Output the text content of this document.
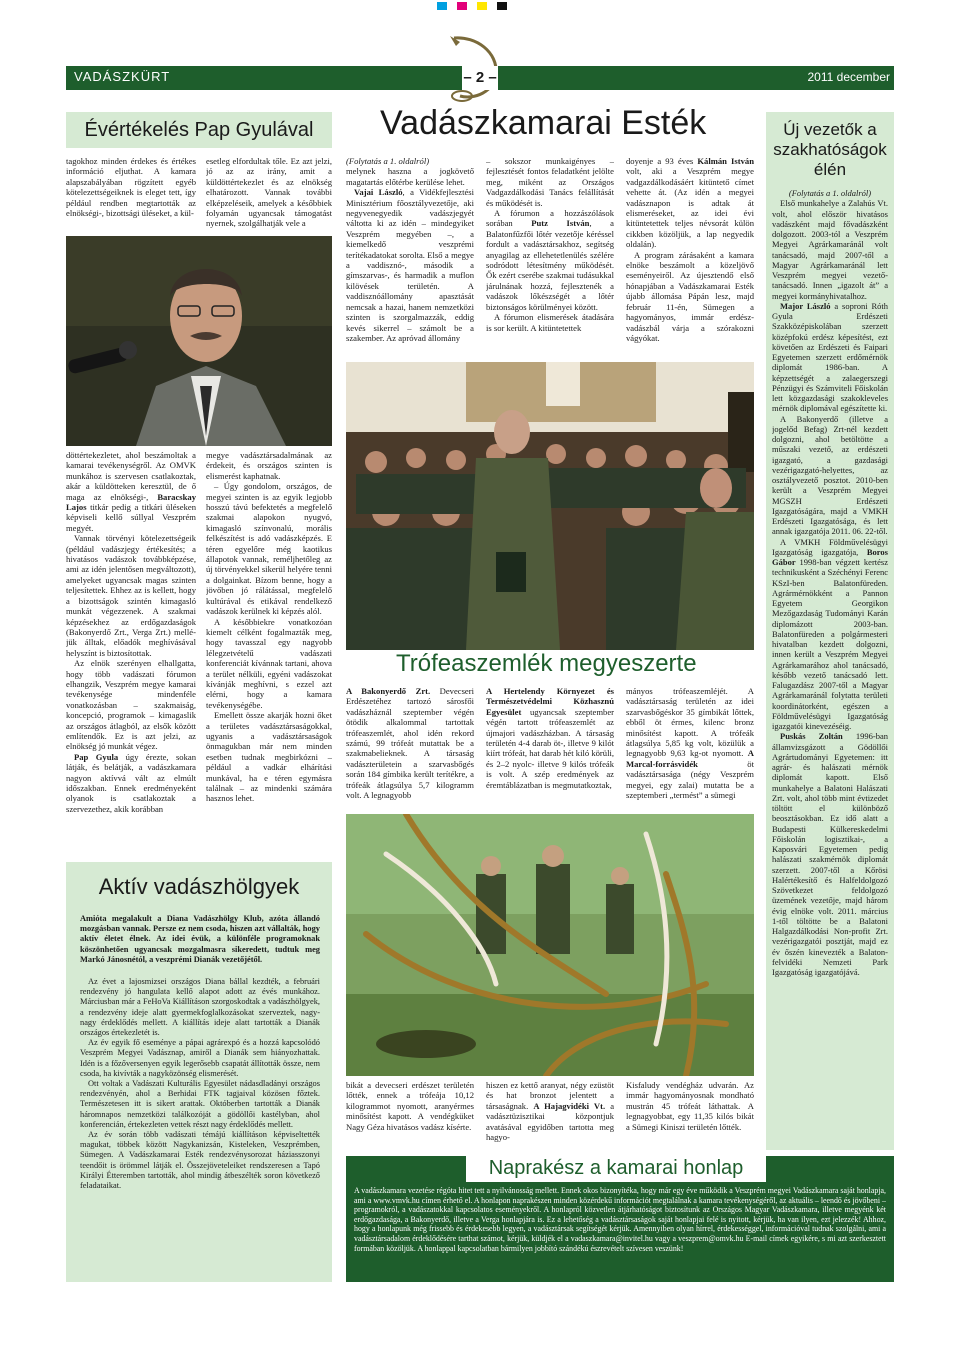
VADÁSZKÜRT	– 2 –	2011 december
Évértékelés Pap Gyulával

tagokhoz minden érdekes és értékes információ eljuthat. A kamara alapszabályában rögzített egyéb kötelezettségeiknek is eleget tett, így például rendben megtartották az elnökségi-, bizottsági üléseket, a kül-

esetleg elfordultak tőle. Ez azt jelzi, jó az az irány, amit a küldöttértekezlet és az elnökség elhatározott. Vannak további elképzeléseik, amelyek a későbbiek folyamán ugyancsak támogatást nyernek, szolgálhatják vele a

döttértekezletet, ahol beszámoltak a kamarai tevékenységről. Az OMVK munkához is szervesen csatlakoztak, akár a küldötteken keresztül, de ő maga az elnökségi-, Baracskay Lajos titkár pedig a titkári üléseken képviseli kellő súllyal Veszprém megyét.

Vannak törvényi kötelezettségeik (például vadászjegy értékesítés; a hivatásos vadászok továbbképzése, ami az idén jelentősen megváltozott), amelyeket ugyancsak magas szinten teljesítettek. Ehhez az is kellett, hogy a bizottságok szintén kimagasló munkát végezzenek. A szakmai képzésekhez az erdőgazdaságok (Bakonyerdő Zrt., Verga Zrt.) melléjük álltak, előadók meghívásával helyszínt is biztosítottak.

Az elnök szerényen elhallgatta, hogy több vadászati fórumon elhangzik, Veszprém megye kamarai tevékenysége mindenféle vonatkozásban – szakmaiság, koncepció, programok – kimagaslik az országos átlagból, az elsők között említendők. Ez is azt jelzi, az elnökség jó munkát végez.

Pap Gyula úgy érezte, sokan látják, és belátják, a vadászkamara nagyon aktívvá vált az elmúlt időszakban. Ennek eredményeként olyanok is csatlakoztak a szervezethez, akik korábban

megye vadásztársadalmának az érdekeit, és országos szinten is elismerést kaphatnak.

– Úgy gondolom, országos, de megyei szinten is az egyik legjobb hosszú távú befektetés a megfelelő szakmai alapokon nyugvó, kimagasló színvonalú, morális felkészítést is adó vadászképzés. E téren egyelőre még kaotikus állapotok vannak, reméljhetőleg az új törvényekkel sikerül helyére tenni a dolgainkat. Bízom benne, hogy a jövőben jó rálátással, megfelelő kultúrával és etikával rendelkező vadászok kerülnek ki képzés alól.

A későbbiekre vonatkozóan kiemelt célként fogalmazták meg, hogy tavasszal egy nagyobb lélegzetvételű vadászati konferenciát kívánnak tartani, ahova a terület nélküli, egyéni vadászokat kívánják meghívni, s ezzel azt elérni, hogy a kamara tevékenységébe.

Emellett össze akarják hozni őket a területes vadásztársaságokkal, ugyanis a vadásztársaságok önmagukban már nem minden esetben tudnak megbirkózni – például a vadkár elhárítási munkával, ha e téren egymásra találnak – az mindenki számára hasznos lehet.

Aktív vadászhölgyek

Amióta megalakult a Diana Vadászhölgy Klub, azóta állandó mozgásban vannak. Persze ez nem csoda, hiszen azt vállalták, hogy aktív életet élnek. Az idei évük, a különféle programoknak köszönhetően ugyancsak mozgalmasra sikeredett, tudtuk meg Markó Jánosnétól, a veszprémi Dianák vezetőjétől.

Az évet a lajosmizsei országos Diana bállal kezdték, a februári rendezvény jó hangulata kellő alapot adott az évés munkához. Márciusban már a FeHoVa Kiállításon szorgoskodtak a vadászhölgyek, a rendezvény ideje alatt gyermekfoglalkozásokat szerveztek, nagy-nagy érdeklődés mellett. A kiállítás ideje alatt tartották a Dianák országos értekezletét is.

Az év egyik fő eseménye a pápai agrárexpó és a hozzá kapcsolódó Veszprém Megyei Vadásznap, amiről a Dianák sem hiányozhattak. Idén is a főzőversenyen egyik legerősebb csapatát állították össze, nem csoda, ha kivívták a nagyközönség elismerését.

Ott voltak a Vadászati Kulturális Egyesület nádasdladányi országos rendezvényén, ahol a Berhidai FTK tagjaival közösen főztek. Természetesen itt is sikert arattak. Októberben tartották a Dianák háromnapos nemzetközi találkozóját a gödöllői kastélyban, ahol konferencián, értekezleten vettek részt nagy érdeklődés mellett.

Az év során több vadászati témájú kiállításon képviseltették magukat, többek között Nagykanizsán, Kisteleken, Veszprémben, Sümegen. A Vadászkamarai Esték rendezvénysorozat háziasszonyi teendőit is örömmel látják el. Összejöveteleiket rendszeresen a Tapó Királyi Étteremben tartották, ahol mindig átbeszélték soron következő feladataikat.

Vadászkamarai Esték

(Folytatás a 1. oldalról)

melynek haszna a jogkövető magatartás előtérbe kerülése lehet.

Vajai László, a Vidékfejlesztési Minisztérium főosztályvezetője, aki negyvenegyedik vadászjegyét váltotta ki az idén – mindegyiket Veszprém megyében –, a kiemelkedő veszprémi terítékadatokat sorolta. Első a megye a vaddisznó-, második a gímszarvas-, és harmadik a muflon kilövések területén. A vaddisznóállomány apasztását nemcsak a hazai, hanem nemzetközi szinten is szorgalmazzák, eddig kevés sikerrel – számolt be a szakember. Az apróvad állomány

– sokszor munkaigényes – fejlesztését fontos feladatként jelölte meg, miként az Országos Vadgazdálkodási Tanács felállítását és működését is.

A fórumon a hozzászólások sorában Putz István, a Balatonfűzfői lőtér vezetője kéréssel fordult a vadásztársakhoz, segítség anyagilag az ellehetetlenülés szélére sodródott létesítmény működését. Ők ezért cserébe szakmai tudásukkal járulnának hozzá, fejlesztenék a vadászok lőkészségét a lőtér biztonságos körülményei között.

A fórumon elismerések átadására is sor került. A kitüntetettek

doyenje a 93 éves Kálmán István volt, aki a Veszprém megye vadgazdálkodásáért kitüntető címet vehette át. (Az idén a megyei vadásznapon is adtak át elismeréseket, az idei évi kitüntetettek teljes névsorát külön cikkben közöljük, a lap negyedik oldalán).

A program zárásaként a kamara elnöke beszámolt a közeljövő eseményeiről. Az újesztendő első hónapjában a Vadászkamarai Esték újabb állomása Pápán lesz, majd február 11-én, Sümegen a hagyományos, immár erdész-vadászbál várja a szórakozni vágyókat.

Trófeaszemlék megyeszerte

A Bakonyerdő Zrt. Devecseri Erdészetéhez tartozó sárosfői vadászháznál szeptember végén ötödik alkalommal tartottak trófeaszemlét, ahol idén rekord számú, 99 trófeát mutattak be a szakmabelieknek. A társaság vadászterületein a szarvasbőgés során 184 gímbika került terítékre, a trófeák átlagsúlya 5,7 kilogramm volt. A legnagyobb

A Hertelendy Környezet és Természetvédelmi Közhasznú Egyesület ugyancsak szeptember végén tartott trófeaszemlét az újmajori vadászházban. A társaság területén 4-4 darab öt-, illetve 9 kilót kiírt trófeát, hat darab hét kiló körüli, és 2–2 nyolc- illetve 9 kilós trófeák is volt. A szép eredmények az éremtáblázatban is megmutatkoztak,

mányos trófeaszemléjét. A vadásztársaság területén az idei szarvasbőgéskor 35 gímbikát lőttek, ebből öt érmes, kilenc bronz minősítést kapott. A trófeák átlagsúlya 5,85 kg volt, közülük a legnagyobb 9,63 kg-ot nyomott. A Marcal-forrásvidék öt vadásztársasága (négy Veszprém megyei, egy zalai) mutatta be a szeptemberi „termést” a sümegi

bikát a devecseri erdészet területén lőtték, ennek a trófeája 10,12 kilogrammot nyomott, aranyérmes minősítést kapott. A vendégküket Nagy Géza hivatásos vadász kísérte.

hiszen ez kettő aranyat, négy ezüstöt és hat bronzot jelentett a társaságnak. A Hajagvidéki Vt. a vadásztüzisztikai központjuk avatásával egyidőben tartotta meg hagyo-

Kisfaludy vendégház udvarán. Az immár hagyományosnak mondható mustrán 45 trófeát láthattak. A legnagyobbat, egy 11,35 kilós bikát a Sümegi Kiniszi területén lőtték.

Új vezetők a szakhatóságok élén

(Folytatás a 1. oldalról)

Első munkahelye a Zalahús Vt. volt, ahol először hivatásos vadászként majd fővadászként dolgozott. 2003-tól a Veszprém Megyei Agrárkamaránál volt tanácsadó, majd 2007-től a Magyar Agrárkamaránál lett Veszprém megyei vezető-tanácsadó. Innen „igazolt át” a megyei kormányhivatalhoz.

Major László a soproni Róth Gyula Erdészeti Szakközépiskolában szerzett középfokú erdész képesítést, ezt követően az Erdészeti és Faipari Egyetemen szerzett erdőmérnök diplomát 1986-ban. A képzettségét a zalaegerszegi Pénzügyi és Számviteli Főiskolán lett közgazdasági szakokleveles mérnök diplomával egészítette ki.

A Bakonyerdő (illetve a jogelőd Befag) Zrt-nél kezdett dolgozni, ahol betöltötte a műszaki vezető, az erdészeti igazgató, a gazdasági vezérigazgató-helyettes, az osztályvezető posztot. 2010-ben került a Veszprém Megyei MGSZH Erdészeti Igazgatóságára, majd a VMKH Erdészeti Igazgatósága, és lett annak igazgatója 2011. 06. 22-től.

A VMKH Földművelésügyi Igazgatóság igazgatója, Boros Gábor 1998-ban végzett kertész technikusként a Széchényi Ferenc KSzI-ben Balatonfüreden. Agrármérnökként a Pannon Egyetem Georgikon Mezőgazdaság Tudományi Karán diplomázott 2003-ban. Balatonfüreden a polgármesteri hivatalban kezdett dolgozni, innen került a Veszprém Megyei Agrárkamarához ahol tanácsadó, később vezető tanácsadó lett. Falugazdász 2007-től a Magyar Agrárkamaránál folytatta területi koordinátorként, egészen a Földművelésügyi Igazgatóság igazgatói kinevezéséig.

Puskás Zoltán 1996-ban államvizsgázott a Gödöllői Agrártudományi Egyetemen: itt agrár- és halászati mérnök diplomát kapott. Első munkahelye a Balatoni Halászati Zrt. volt, ahol több mint évtizedet töltött el különböző beosztásokban. Ez idő alatt a Budapesti Külkereskedelmi Főiskolán logisztikai-, a Kaposvári Egyetemen pedig halászati szakmérnök diplomát szerzett. 2007-től a Kőrösi Halértékesítő és Halfeldolgozó Szövetkezet feldolgozó üzemének vezetője, majd három évig elnöke volt. 2011. március 1-től töltötte be a Balatoni Halgazdálkodási Non-profit Zrt. vezérigazgatói posztját, majd ez év őszén kinevezték a Balaton-felvidéki Nemzeti Park Igazgatóság igazgatójává.

Naprakész a kamarai honlap

A vadászkamara vezetése régóta hitet tett a nyilvánosság mellett. Ennek okos bizonyítéka, hogy már egy éve működik a Veszprém megyei Vadászkamara saját honlapja, ami a www.vmvk.hu címen érhető el. A honlapon naprakészen minden közérdekű információt megtalálnak a kamara tevékenységéről, az aktuális – leendő és jövőbeni – programokról, a vadászatokkal kapcsolatos eseményekről. A honlapról közvetlen átjárhatóságot biztosítunk az Országos Magyar Vadászkamara, illetve megyénk két erdőgazdasága, a Bakonyerdő, illetve a Verga honlapjára is. Ez a lehetőség a vadásztársaságok saját honlapjai felé is nyitott, kérjük, ha van ilyen, ezt jelezzék! Ahhoz, hogy a honlapunk még frissebb és érdekesebb legyen, a vadásztársak segítségét kérjük. Amennyiben olyan hírrel, érdekességgel, információval tudnak szolgálni, ami a vadásztársadalom érdeklődésére tarthat számot, kérjük, küldjék el a vadaszkamara@invitel.hu vagy a veszprem@omvk.hu E-mail címek egyikére, s mi azt szerkesztett formában közöljük. A honlappal kapcsolatban bármilyen jobbító szándékú észrevételt szívesen veszünk!
